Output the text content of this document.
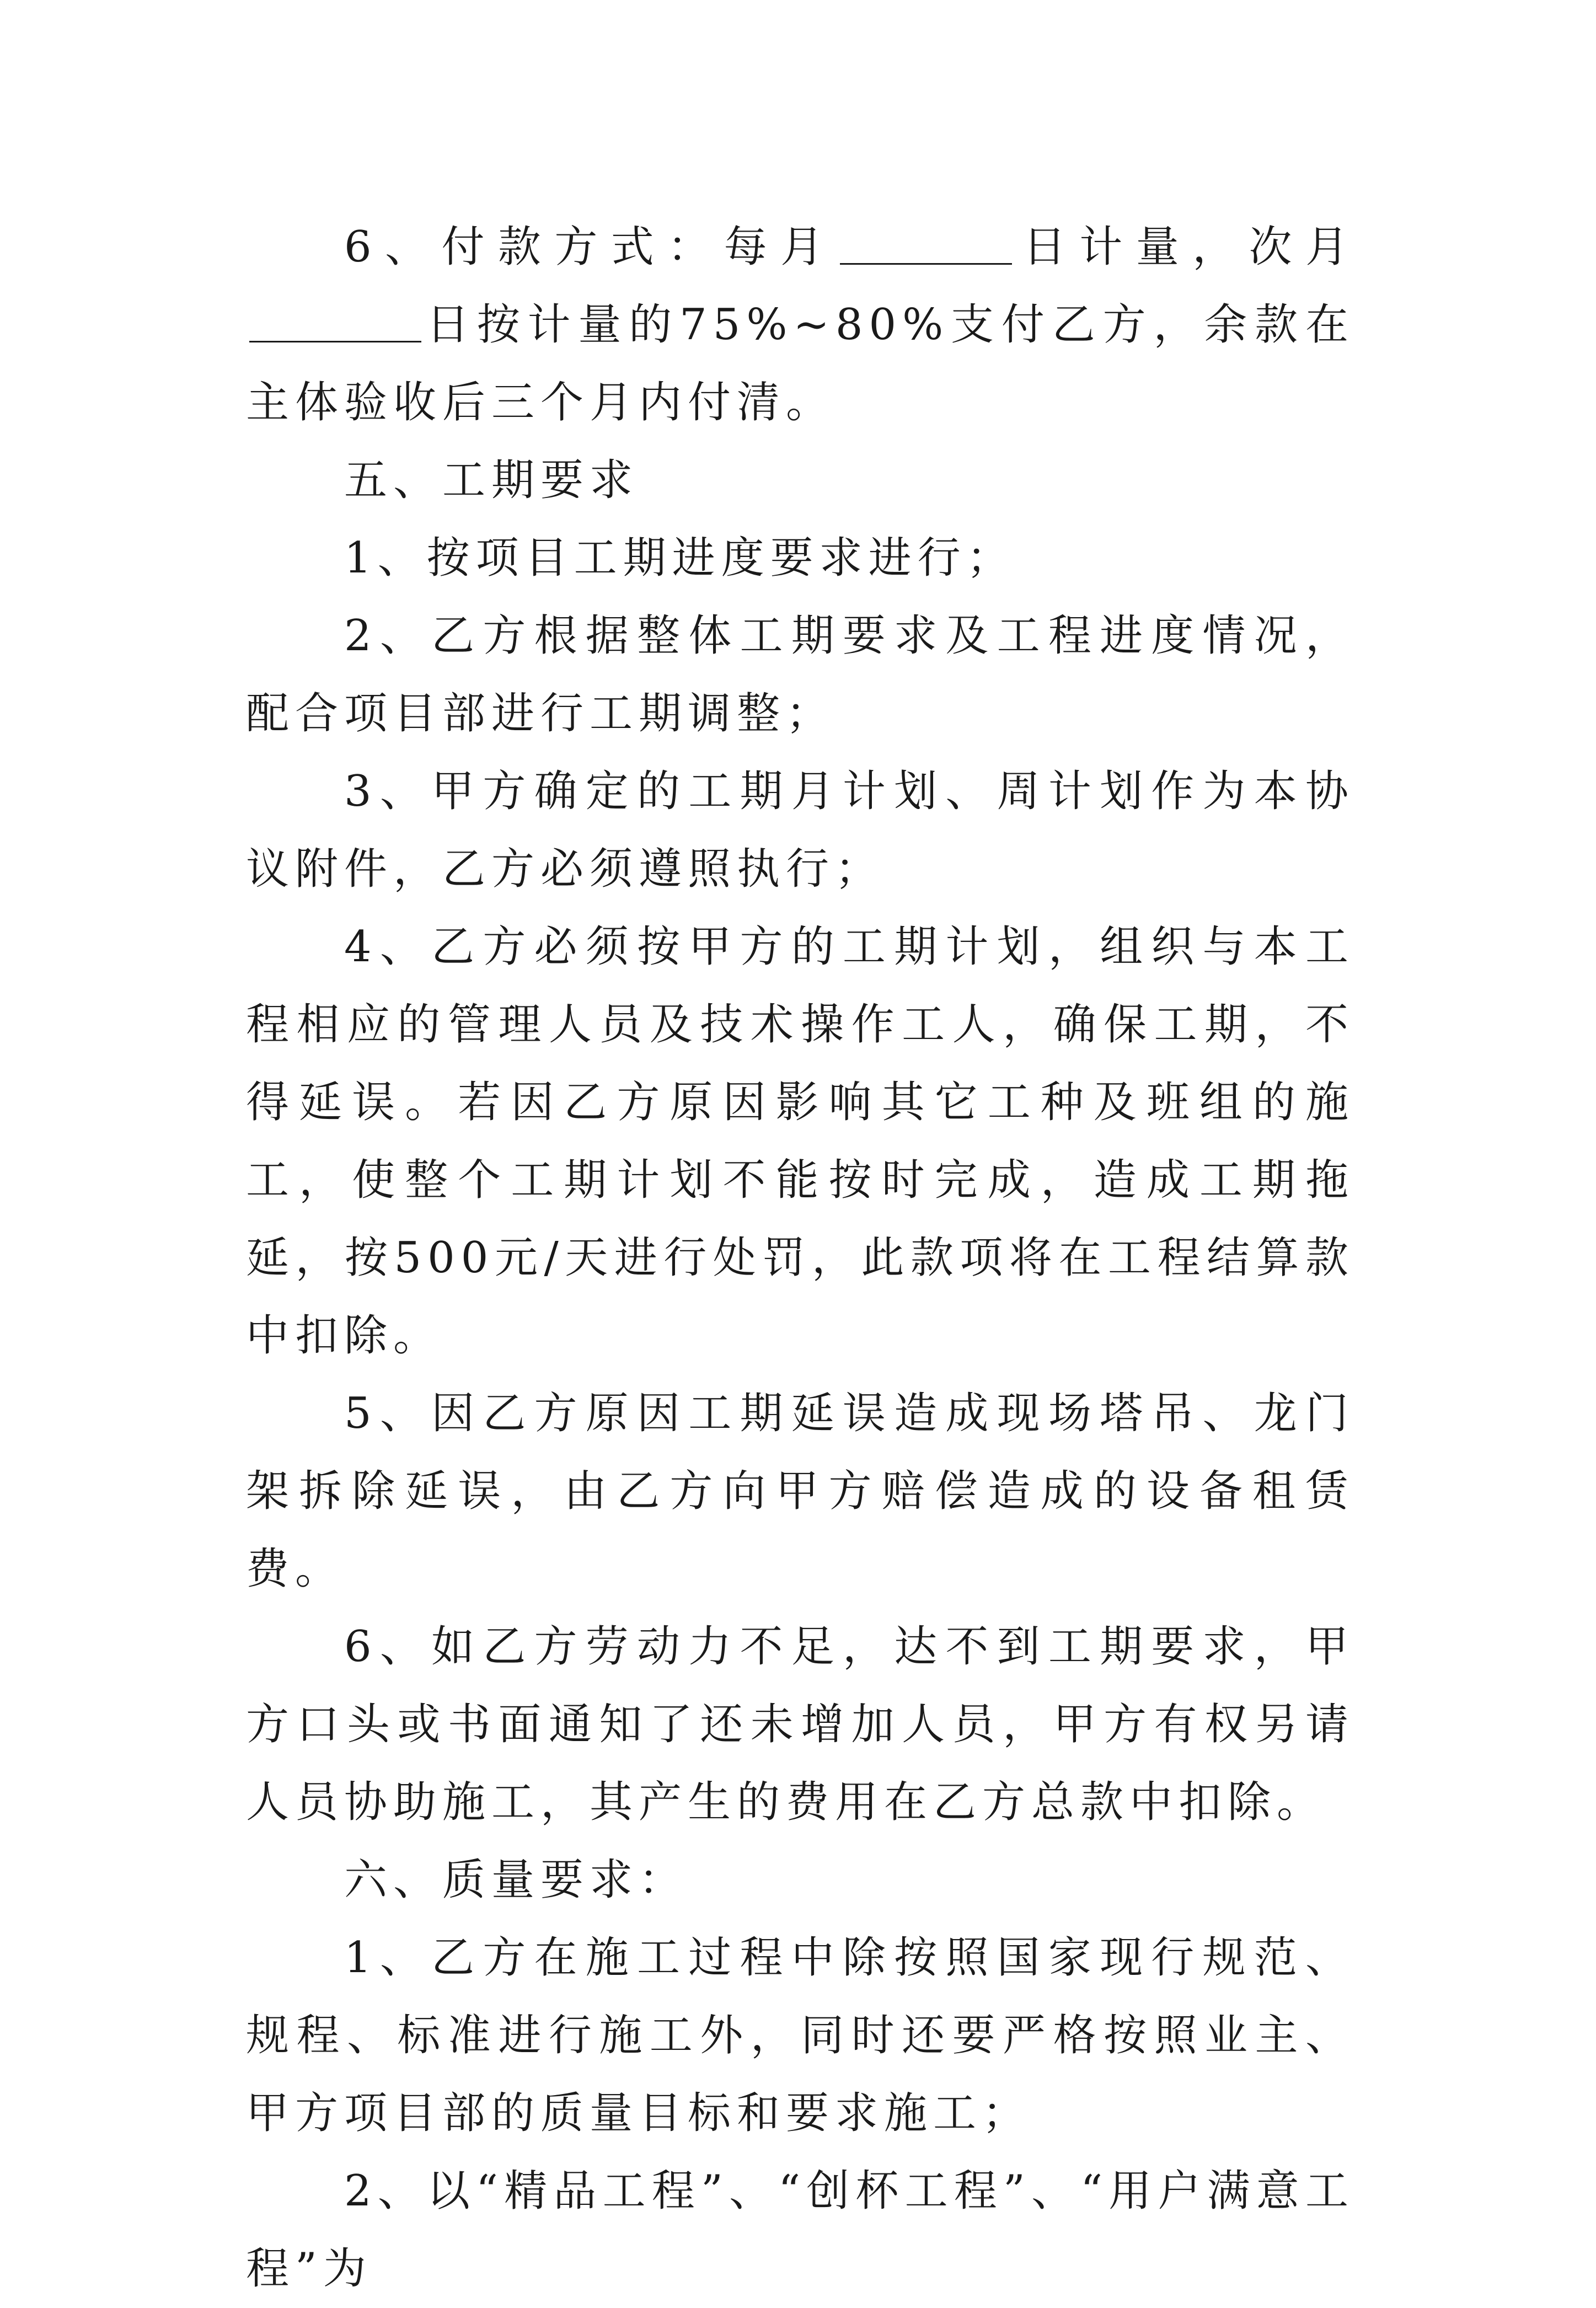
6、付款方式：每月	日计量，次月日按计量的75%~80%支付乙方，余款在主体验收后三个月内付清。

五、工期要求

1、按项目工期进度要求进行；

2、乙方根据整体工期要求及工程进度情况，配合项目部进行工期调整；

3、甲方确定的工期月计划、周计划作为本协议附件，乙方必须遵照执行；

4、乙方必须按甲方的工期计划，组织与本工程相应的管理人员及技术操作工人，确保工期，不得延误。若因乙方原因影响其它工种及班组的施工，使整个工期计划不能按时完成，造成工期拖延，按500元/天进行处罚，此款项将在工程结算款中扣除。

5、因乙方原因工期延误造成现场塔吊、龙门架拆除延误，由乙方向甲方赔偿造成的设备租赁费。

6、如乙方劳动力不足，达不到工期要求，甲方口头或书面通知了还未增加人员，甲方有权另请人员协助施工，其产生的费用在乙方总款中扣除。

六、质量要求：

1、乙方在施工过程中除按照国家现行规范、规程、标准进行施工外，同时还要严格按照业主、甲方项目部的质量目标和要求施工；

2、以“精品工程”、“创杯工程”、“用户满意工程”为
